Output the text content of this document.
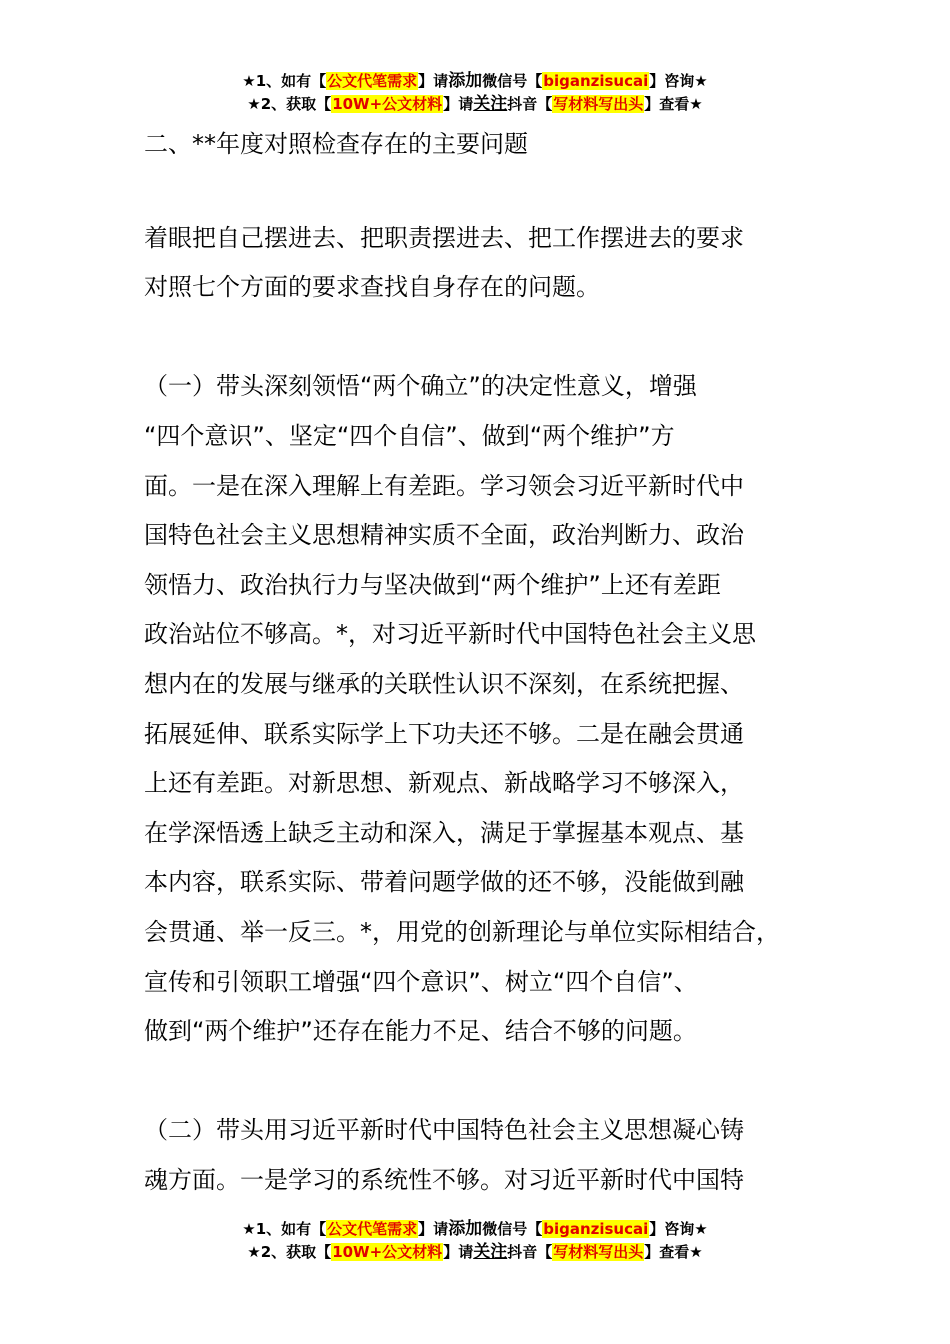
★1、如有【公文代笔需求】请添加微信号【biganzisucai】咨询★
★2、获取【10W+公文材料】请关注抖音【写材料写出头】查看★
二、**年度对照检查存在的主要问题

着眼把自己摆进去、把职责摆进去、把工作摆进去的要求

对照七个方面的要求查找自身存在的问题。

（一）带头深刻领悟“两个确立”的决定性意义，增强

“四个意识”、坚定“四个自信”、做到“两个维护”方

面。一是在深入理解上有差距。学习领会习近平新时代中

国特色社会主义思想精神实质不全面，政治判断力、政治

领悟力、政治执行力与坚决做到“两个维护”上还有差距

政治站位不够高。*，对习近平新时代中国特色社会主义思

想内在的发展与继承的关联性认识不深刻，在系统把握、

拓展延伸、联系实际学上下功夫还不够。二是在融会贯通

上还有差距。对新思想、新观点、新战略学习不够深入，

在学深悟透上缺乏主动和深入，满足于掌握基本观点、基

本内容，联系实际、带着问题学做的还不够，没能做到融

会贯通、举一反三。*，用党的创新理论与单位实际相结合，

宣传和引领职工增强“四个意识”、树立“四个自信”、

做到“两个维护”还存在能力不足、结合不够的问题。

（二）带头用习近平新时代中国特色社会主义思想凝心铸

魂方面。一是学习的系统性不够。对习近平新时代中国特

★1、如有【公文代笔需求】请添加微信号【biganzisucai】咨询★
★2、获取【10W+公文材料】请关注抖音【写材料写出头】查看★
